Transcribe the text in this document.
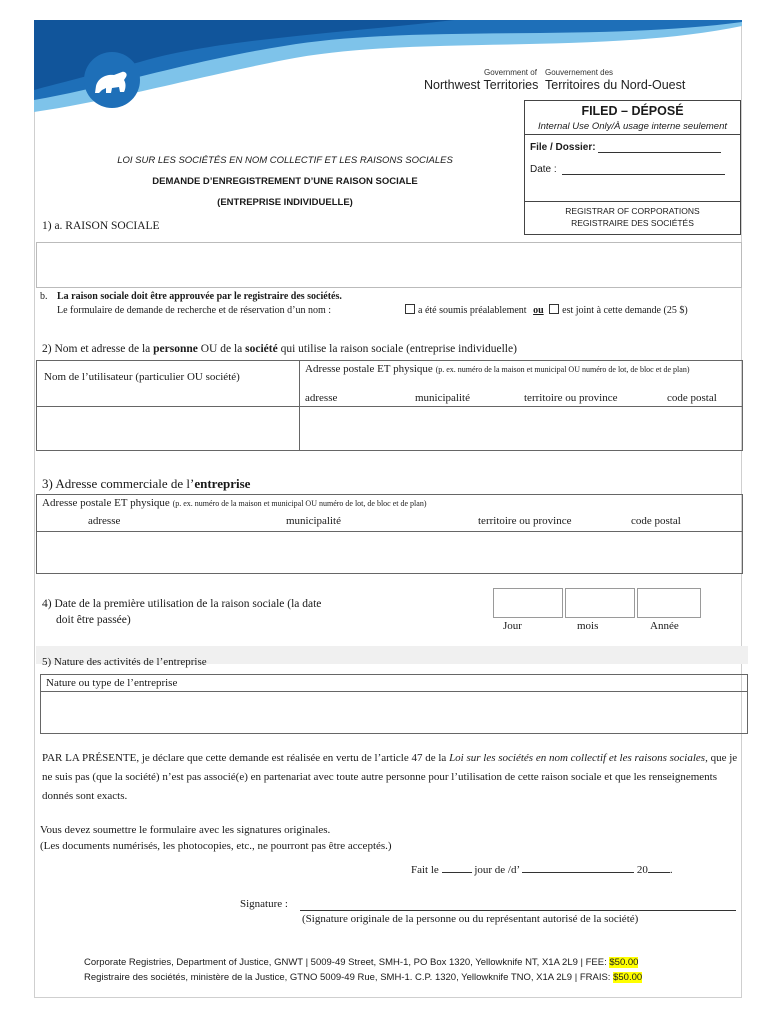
Government of
Northwest Territories
Gouvernement des
Territoires du Nord-Ouest
FILED – DÉPOSÉ
Internal Use Only/À usage interne seulement
File / Dossier:
Date :
REGISTRAR OF CORPORATIONS
REGISTRAIRE DES SOCIÉTÉS
LOI SUR LES SOCIÉTÉS EN NOM COLLECTIF ET LES RAISONS SOCIALES
DEMANDE D’ENREGISTREMENT D’UNE RAISON SOCIALE
(ENTREPRISE INDIVIDUELLE)
1) a. RAISON SOCIALE
b. La raison sociale doit être approuvée par le registraire des sociétés.
Le formulaire de demande de recherche et de réservation d’un nom :	a été soumis préalablement ou est joint à cette demande (25 $)
2) Nom et adresse de la personne OU de la société qui utilise la raison sociale (entreprise individuelle)
Nom de l’utilisateur (particulier OU société)
Adresse postale ET physique (p. ex. numéro de la maison et municipal OU numéro de lot, de bloc et de plan)
adresse	municipalité	territoire ou province	code postal
3) Adresse commerciale de l’entreprise
Adresse postale ET physique (p. ex. numéro de la maison et municipal OU numéro de lot, de bloc et de plan)
adresse	municipalité	territoire ou province	code postal
4) Date de la première utilisation de la raison sociale (la date
doit être passée)	Jour	mois	Année
5) Nature des activités de l’entreprise
Nature ou type de l’entreprise
PAR LA PRÉSENTE, je déclare que cette demande est réalisée en vertu de l’article 47 de la Loi sur les sociétés en nom collectif et les raisons sociales, que je ne suis pas (que la société) n’est pas associé(e) en partenariat avec toute autre personne pour l’utilisation de cette raison sociale et que les renseignements donnés sont exacts.
Vous devez soumettre le formulaire avec les signatures originales.
(Les documents numérisés, les photocopies, etc., ne pourront pas être acceptés.)
Fait le	jour de /d’	20 .
Signature :
(Signature originale de la personne ou du représentant autorisé de la société)
Corporate Registries, Department of Justice, GNWT | 5009-49 Street, SMH-1, PO Box 1320, Yellowknife NT, X1A 2L9 | FEE: $50.00
Registraire des sociétés, ministère de la Justice, GTNO 5009-49 Rue, SMH-1. C.P. 1320, Yellowknife TNO, X1A 2L9 | FRAIS: $50.00
